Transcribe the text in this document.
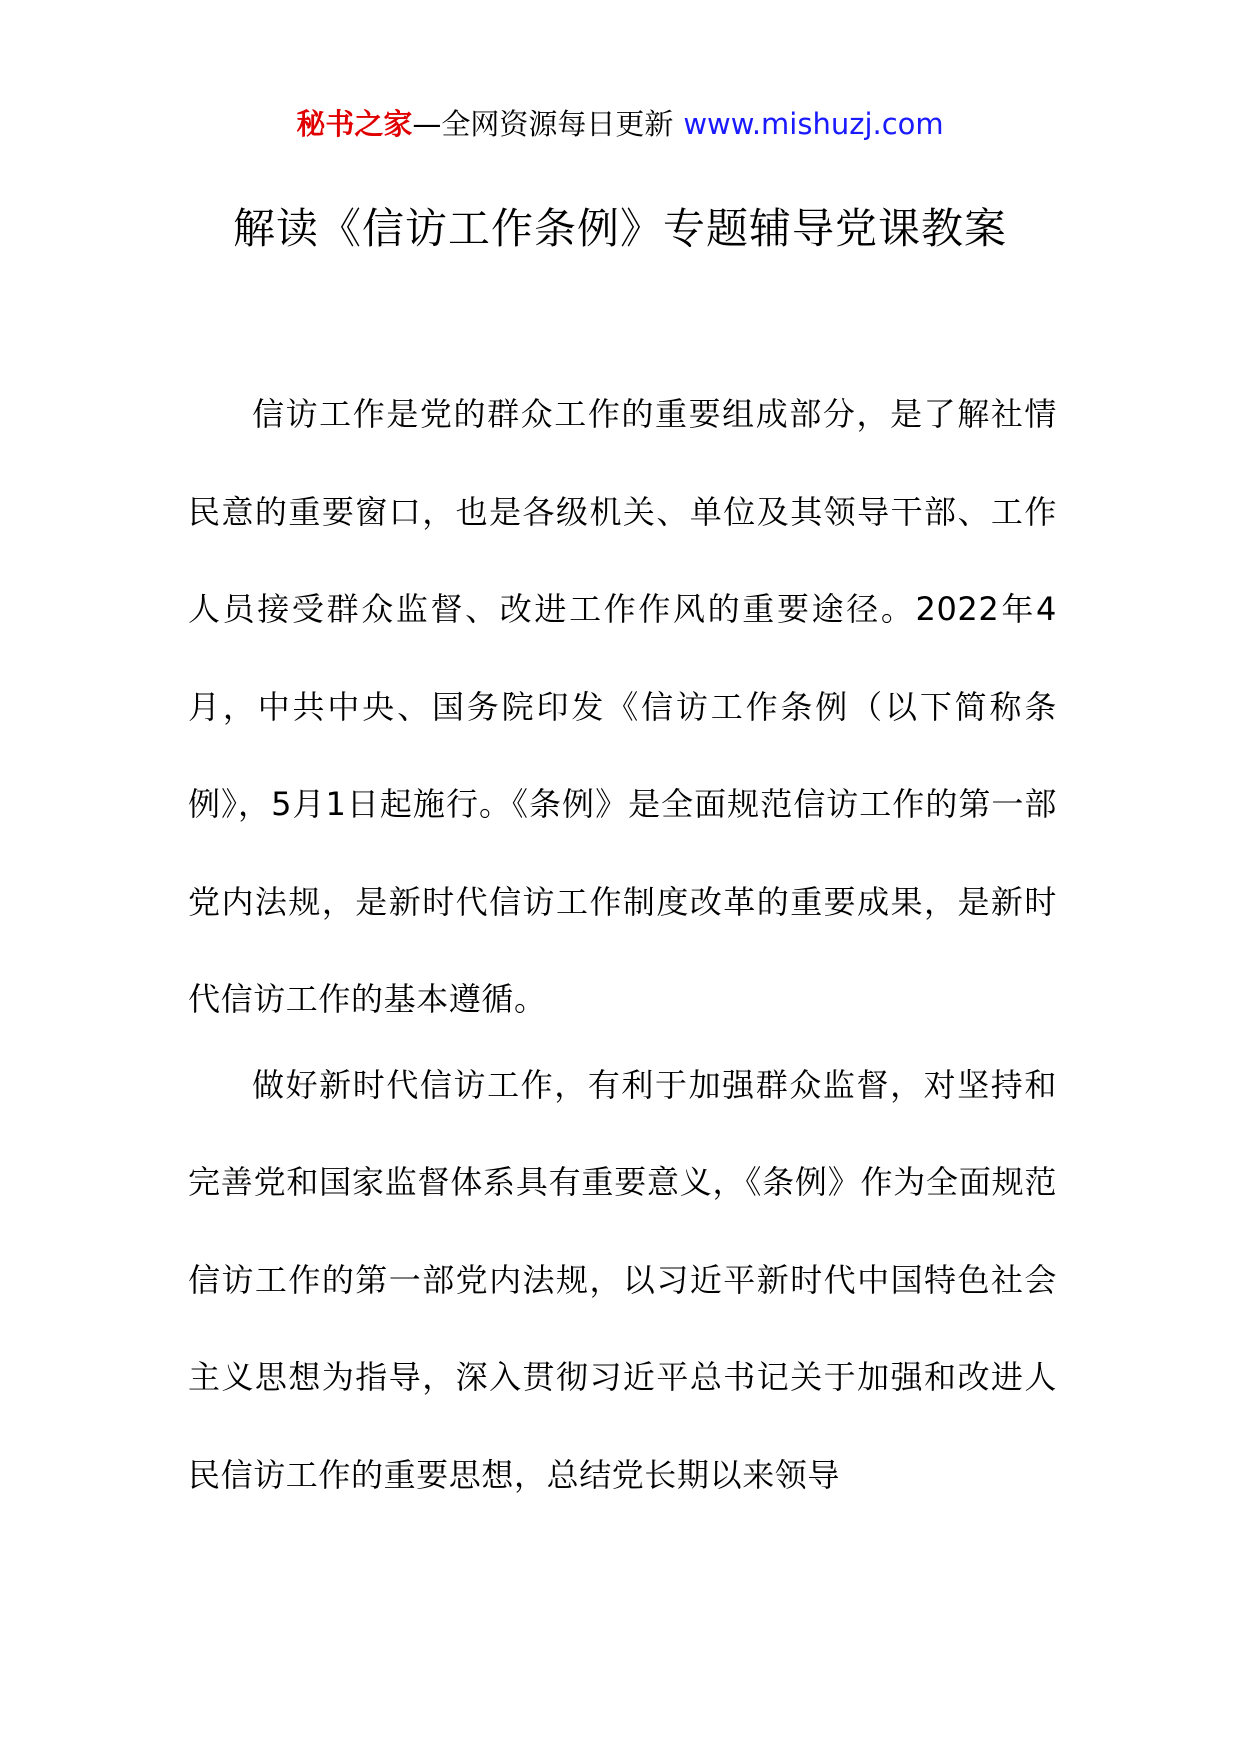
秘书之家—全网资源每日更新 www.mishuzj.com
解读《信访工作条例》专题辅导党课教案

信访工作是党的群众工作的重要组成部分，是了解社情民意的重要窗口，也是各级机关、单位及其领导干部、工作人员接受群众监督、改进工作作风的重要途径。2022年4月，中共中央、国务院印发《信访工作条例（以下简称条例》，5月1日起施行。《条例》是全面规范信访工作的第一部党内法规，是新时代信访工作制度改革的重要成果，是新时代信访工作的基本遵循。

做好新时代信访工作，有利于加强群众监督，对坚持和完善党和国家监督体系具有重要意义，《条例》作为全面规范信访工作的第一部党内法规，以习近平新时代中国特色社会主义思想为指导，深入贯彻习近平总书记关于加强和改进人民信访工作的重要思想，总结党长期以来领导
